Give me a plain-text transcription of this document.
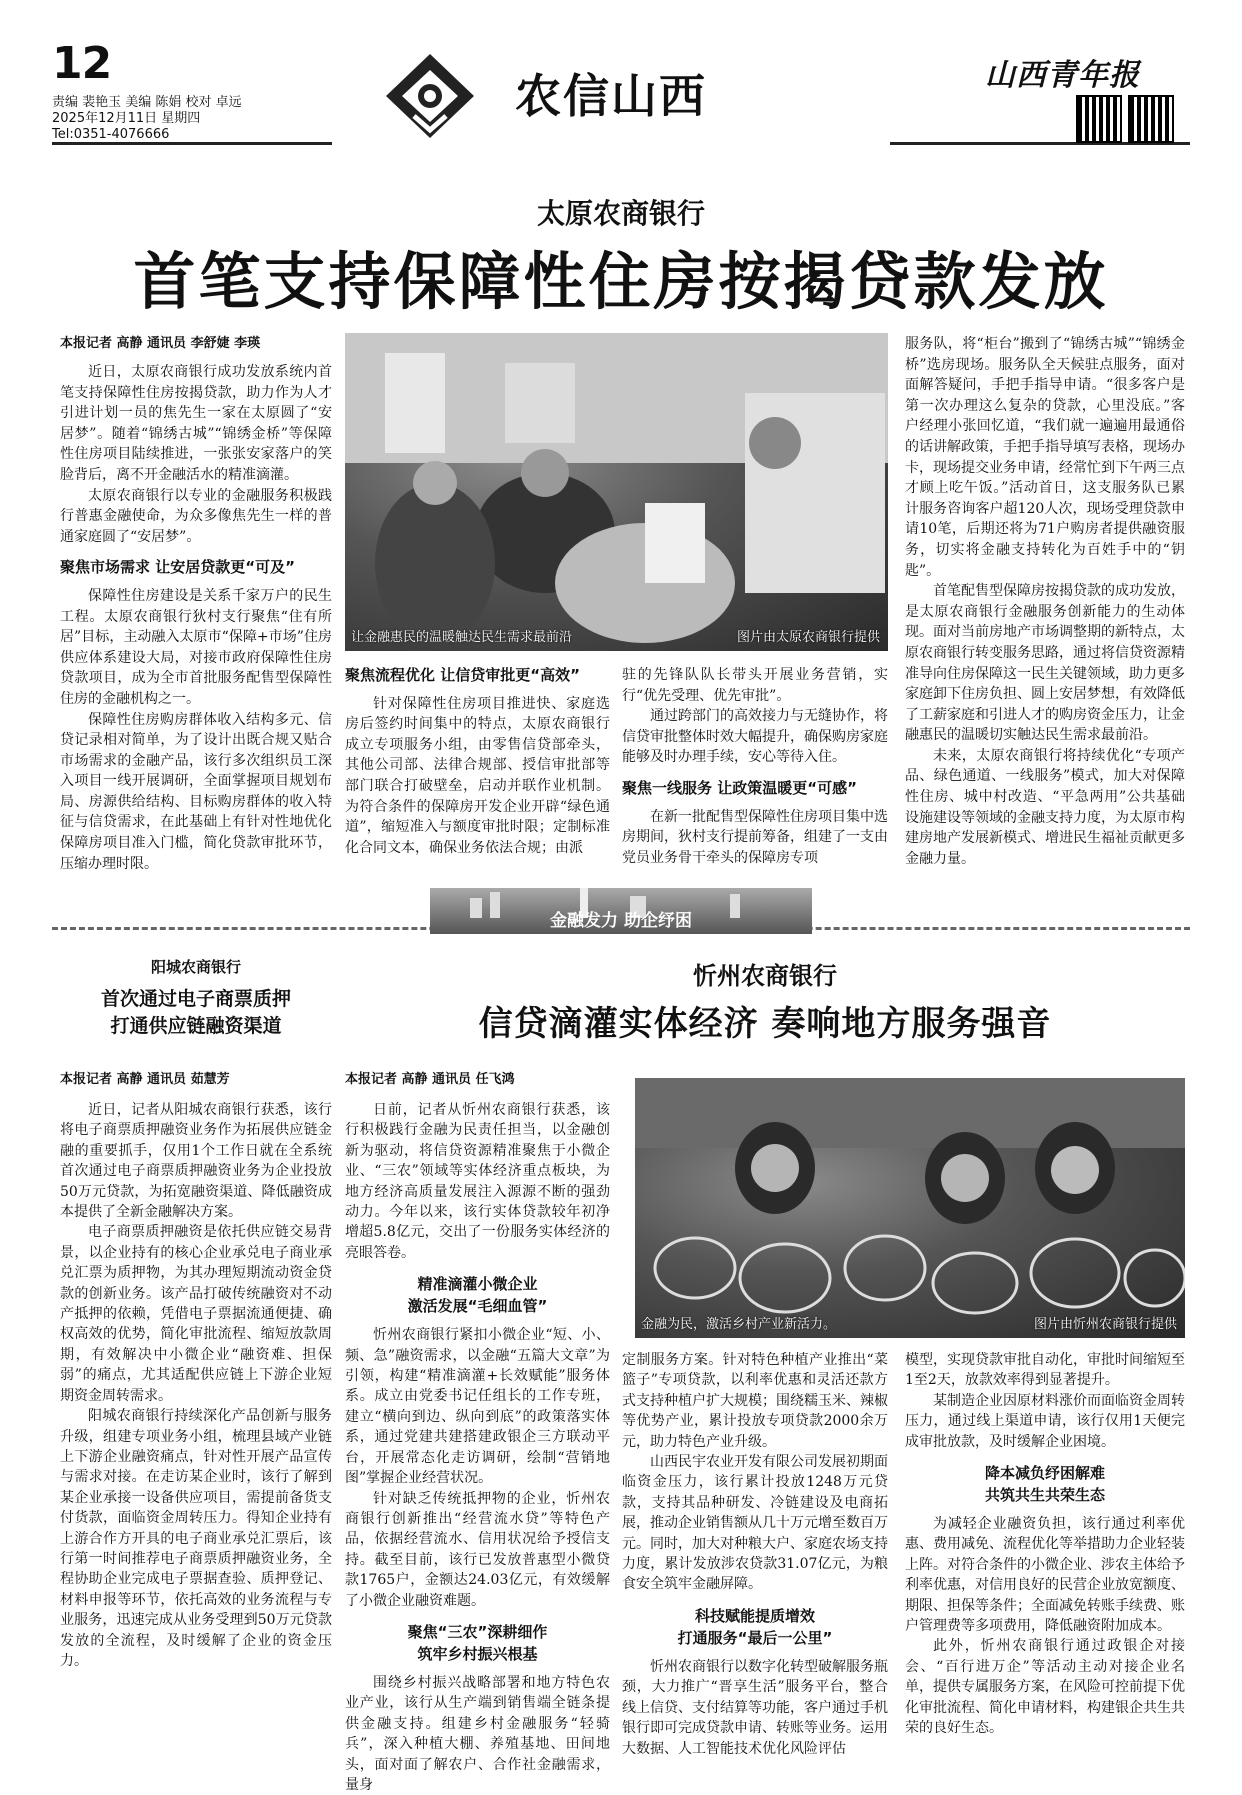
12
责编 裴艳玉 美编 陈娟 校对 卓远
2025年12月11日 星期四
Tel:0351-4076666
农信山西	山西青年报
太原农商银行
首笔支持保障性住房按揭贷款发放
本报记者 高静 通讯员 李舒婕 李瑛

近日，太原农商银行成功发放系统内首笔支持保障性住房按揭贷款，助力作为人才引进计划一员的焦先生一家在太原圆了“安居梦”。随着“锦绣古城”“锦绣金桥”等保障性住房项目陆续推进，一张张安家落户的笑脸背后，离不开金融活水的精准滴灌。

太原农商银行以专业的金融服务积极践行普惠金融使命，为众多像焦先生一样的普通家庭圆了“安居梦”。

聚焦市场需求 让安居贷款更“可及”

保障性住房建设是关系千家万户的民生工程。太原农商银行狄村支行聚焦“住有所居”目标，主动融入太原市“保障+市场”住房供应体系建设大局，对接市政府保障性住房贷款项目，成为全市首批服务配售型保障性住房的金融机构之一。

保障性住房购房群体收入结构多元、信贷记录相对简单，为了设计出既合规又贴合市场需求的金融产品，该行多次组织员工深入项目一线开展调研，全面掌握项目规划布局、房源供给结构、目标购房群体的收入特征与信贷需求，在此基础上有针对性地优化保障房项目准入门槛，简化贷款审批环节，压缩办理时限。

让金融惠民的温暖触达民生需求最前沿	图片由太原农商银行提供
聚焦流程优化 让信贷审批更“高效”

针对保障性住房项目推进快、家庭选房后签约时间集中的特点，太原农商银行成立专项服务小组，由零售信贷部牵头，其他公司部、法律合规部、授信审批部等部门联合打破壁垒，启动并联作业机制。为符合条件的保障房开发企业开辟“绿色通道”，缩短准入与额度审批时限；定制标准化合同文本，确保业务依法合规；由派

驻的先锋队队长带头开展业务营销，实行“优先受理、优先审批”。

通过跨部门的高效接力与无缝协作，将信贷审批整体时效大幅提升，确保购房家庭能够及时办理手续，安心等待入住。

聚焦一线服务 让政策温暖更“可感”

在新一批配售型保障性住房项目集中选房期间，狄村支行提前筹备，组建了一支由党员业务骨干牵头的保障房专项

服务队，将“柜台”搬到了“锦绣古城”“锦绣金桥”选房现场。服务队全天候驻点服务，面对面解答疑问，手把手指导申请。“很多客户是第一次办理这么复杂的贷款，心里没底。”客户经理小张回忆道，“我们就一遍遍用最通俗的话讲解政策，手把手指导填写表格，现场办卡，现场提交业务申请，经常忙到下午两三点才顾上吃午饭。”活动首日，这支服务队已累计服务咨询客户超120人次，现场受理贷款申请10笔，后期还将为71户购房者提供融资服务，切实将金融支持转化为百姓手中的“钥匙”。

首笔配售型保障房按揭贷款的成功发放，是太原农商银行金融服务创新能力的生动体现。面对当前房地产市场调整期的新特点，太原农商银行转变服务思路，通过将信贷资源精准导向住房保障这一民生关键领域，助力更多家庭卸下住房负担、圆上安居梦想，有效降低了工薪家庭和引进人才的购房资金压力，让金融惠民的温暖切实触达民生需求最前沿。

未来，太原农商银行将持续优化“专项产品、绿色通道、一线服务”模式，加大对保障性住房、城中村改造、“平急两用”公共基础设施建设等领域的金融支持力度，为太原市构建房地产发展新模式、增进民生福祉贡献更多金融力量。

金融发力 助企纾困
阳城农商银行
首次通过电子商票质押
打通供应链融资渠道
本报记者 高静 通讯员 茹慧芳

近日，记者从阳城农商银行获悉，该行将电子商票质押融资业务作为拓展供应链金融的重要抓手，仅用1个工作日就在全系统首次通过电子商票质押融资业务为企业投放50万元贷款，为拓宽融资渠道、降低融资成本提供了全新金融解决方案。

电子商票质押融资是依托供应链交易背景，以企业持有的核心企业承兑电子商业承兑汇票为质押物，为其办理短期流动资金贷款的创新业务。该产品打破传统融资对不动产抵押的依赖，凭借电子票据流通便捷、确权高效的优势，简化审批流程、缩短放款周期，有效解决中小微企业“融资难、担保弱”的痛点，尤其适配供应链上下游企业短期资金周转需求。

阳城农商银行持续深化产品创新与服务升级，组建专项业务小组，梳理县域产业链上下游企业融资痛点，针对性开展产品宣传与需求对接。在走访某企业时，该行了解到某企业承接一设备供应项目，需提前备货支付货款，面临资金周转压力。得知企业持有上游合作方开具的电子商业承兑汇票后，该行第一时间推荐电子商票质押融资业务，全程协助企业完成电子票据查验、质押登记、材料申报等环节，依托高效的业务流程与专业服务，迅速完成从业务受理到50万元贷款发放的全流程，及时缓解了企业的资金压力。

忻州农商银行
信贷滴灌实体经济 奏响地方服务强音
本报记者 高静 通讯员 任飞鸿

日前，记者从忻州农商银行获悉，该行积极践行金融为民责任担当，以金融创新为驱动，将信贷资源精准聚焦于小微企业、“三农”领域等实体经济重点板块，为地方经济高质量发展注入源源不断的强劲动力。今年以来，该行实体贷款较年初净增超5.8亿元，交出了一份服务实体经济的亮眼答卷。

精准滴灌小微企业
激活发展“毛细血管”

忻州农商银行紧扣小微企业“短、小、频、急”融资需求，以金融“五篇大文章”为引领，构建“精准滴灌+长效赋能”服务体系。成立由党委书记任组长的工作专班，建立“横向到边、纵向到底”的政策落实体系，通过党建共建搭建政银企三方联动平台，开展常态化走访调研，绘制“营销地图”掌握企业经营状况。

针对缺乏传统抵押物的企业，忻州农商银行创新推出“经营流水贷”等特色产品，依据经营流水、信用状况给予授信支持。截至目前，该行已发放普惠型小微贷款1765户，金额达24.03亿元，有效缓解了小微企业融资难题。

聚焦“三农”深耕细作
筑牢乡村振兴根基

围绕乡村振兴战略部署和地方特色农业产业，该行从生产端到销售端全链条提供金融支持。组建乡村金融服务“轻骑兵”，深入种植大棚、养殖基地、田间地头，面对面了解农户、合作社金融需求，量身

金融为民，激活乡村产业新活力。	图片由忻州农商银行提供

定制服务方案。针对特色种植产业推出“菜篮子”专项贷款，以利率优惠和灵活还款方式支持种植户扩大规模；围绕糯玉米、辣椒等优势产业，累计投放专项贷款2000余万元，助力特色产业升级。

山西民宇农业开发有限公司发展初期面临资金压力，该行累计投放1248万元贷款，支持其品种研发、冷链建设及电商拓展，推动企业销售额从几十万元增至数百万元。同时，加大对种粮大户、家庭农场支持力度，累计发放涉农贷款31.07亿元，为粮食安全筑牢金融屏障。

科技赋能提质增效
打通服务“最后一公里”

忻州农商银行以数字化转型破解服务瓶颈，大力推广“晋享生活”服务平台，整合线上信贷、支付结算等功能，客户通过手机银行即可完成贷款申请、转账等业务。运用大数据、人工智能技术优化风险评估

模型，实现贷款审批自动化，审批时间缩短至1至2天，放款效率得到显著提升。

某制造企业因原材料涨价而面临资金周转压力，通过线上渠道申请，该行仅用1天便完成审批放款，及时缓解企业困境。

降本减负纾困解难
共筑共生共荣生态

为减轻企业融资负担，该行通过利率优惠、费用减免、流程优化等举措助力企业轻装上阵。对符合条件的小微企业、涉农主体给予利率优惠，对信用良好的民营企业放宽额度、期限、担保等条件；全面减免转账手续费、账户管理费等多项费用，降低融资附加成本。

此外，忻州农商银行通过政银企对接会、“百行进万企”等活动主动对接企业名单，提供专属服务方案，在风险可控前提下优化审批流程、简化申请材料，构建银企共生共荣的良好生态。
